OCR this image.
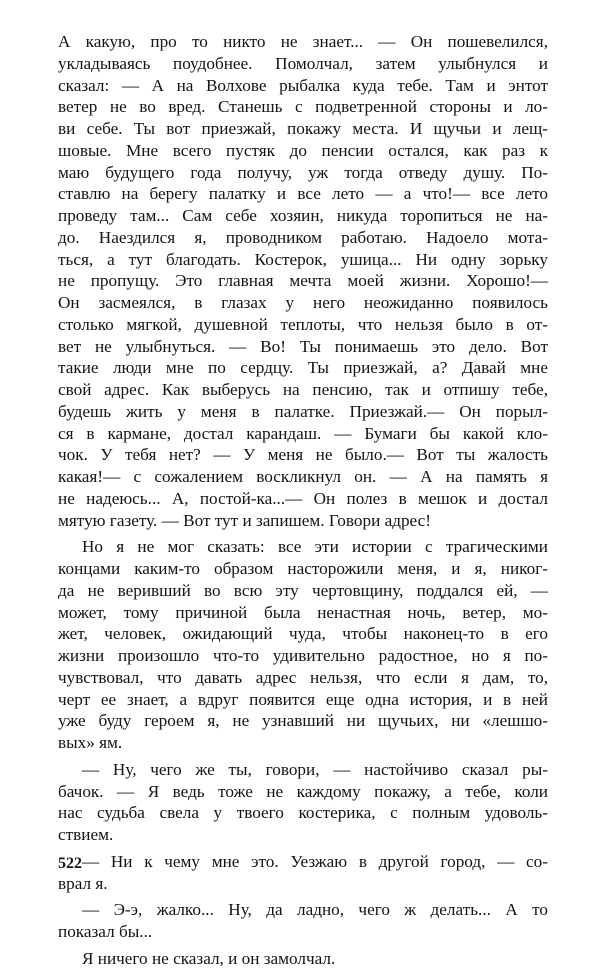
А какую, про то никто не знает... — Он пошевелился,
укладываясь поудобнее. Помолчал, затем улыбнулся и
сказал: — А на Волхове рыбалка куда тебе. Там и энтот
ветер не во вред. Станешь с подветренной стороны и ло-
ви себе. Ты вот приезжай, покажу места. И щучьи и лещ-
шовые. Мне всего пустяк до пенсии остался, как раз к
маю будущего года получу, уж тогда отведу душу. По-
ставлю на берегу палатку и все лето — а что!— все лето
проведу там... Сам себе хозяин, никуда торопиться не на-
до. Наездился я, проводником работаю. Надоело мота-
ться, а тут благодать. Костерок, ушица... Ни одну зорьку
не пропущу. Это главная мечта моей жизни. Хорошо!—
Он засмеялся, в глазах у него неожиданно появилось
столько мягкой, душевной теплоты, что нельзя было в от-
вет не улыбнуться. — Во! Ты понимаешь это дело. Вот
такие люди мне по сердцу. Ты приезжай, а? Давай мне
свой адрес. Как выберусь на пенсию, так и отпишу тебе,
будешь жить у меня в палатке. Приезжай.— Он порыл-
ся в кармане, достал карандаш. — Бумаги бы какой кло-
чок. У тебя нет? — У меня не было.— Вот ты жалость
какая!— с сожалением воскликнул он. — А на память я
не надеюсь... А, постой-ка...— Он полез в мешок и достал
мятую газету. — Вот тут и запишем. Говори адрес!
Но я не мог сказать: все эти истории с трагическими
концами каким-то образом насторожили меня, и я, никог-
да не веривший во всю эту чертовщину, поддался ей, —
может, тому причиной была ненастная ночь, ветер, мо-
жет, человек, ожидающий чуда, чтобы наконец-то в его
жизни произошло что-то удивительно радостное, но я по-
чувствовал, что давать адрес нельзя, что если я дам, то,
черт ее знает, а вдруг появится еще одна история, и в ней
уже буду героем я, не узнавший ни щучьих, ни «лешшо-
вых» ям.
— Ну, чего же ты, говори, — настойчиво сказал ры-
бачок. — Я ведь тоже не каждому покажу, а тебе, коли
нас судьба свела у твоего костерика, с полным удоволь-
ствием.
— Ни к чему мне это. Уезжаю в другой город, — со-
врал я.
— Э-э, жалко... Ну, да ладно, чего ж делать... А то
показал бы...
Я ничего не сказал, и он замолчал.
522
